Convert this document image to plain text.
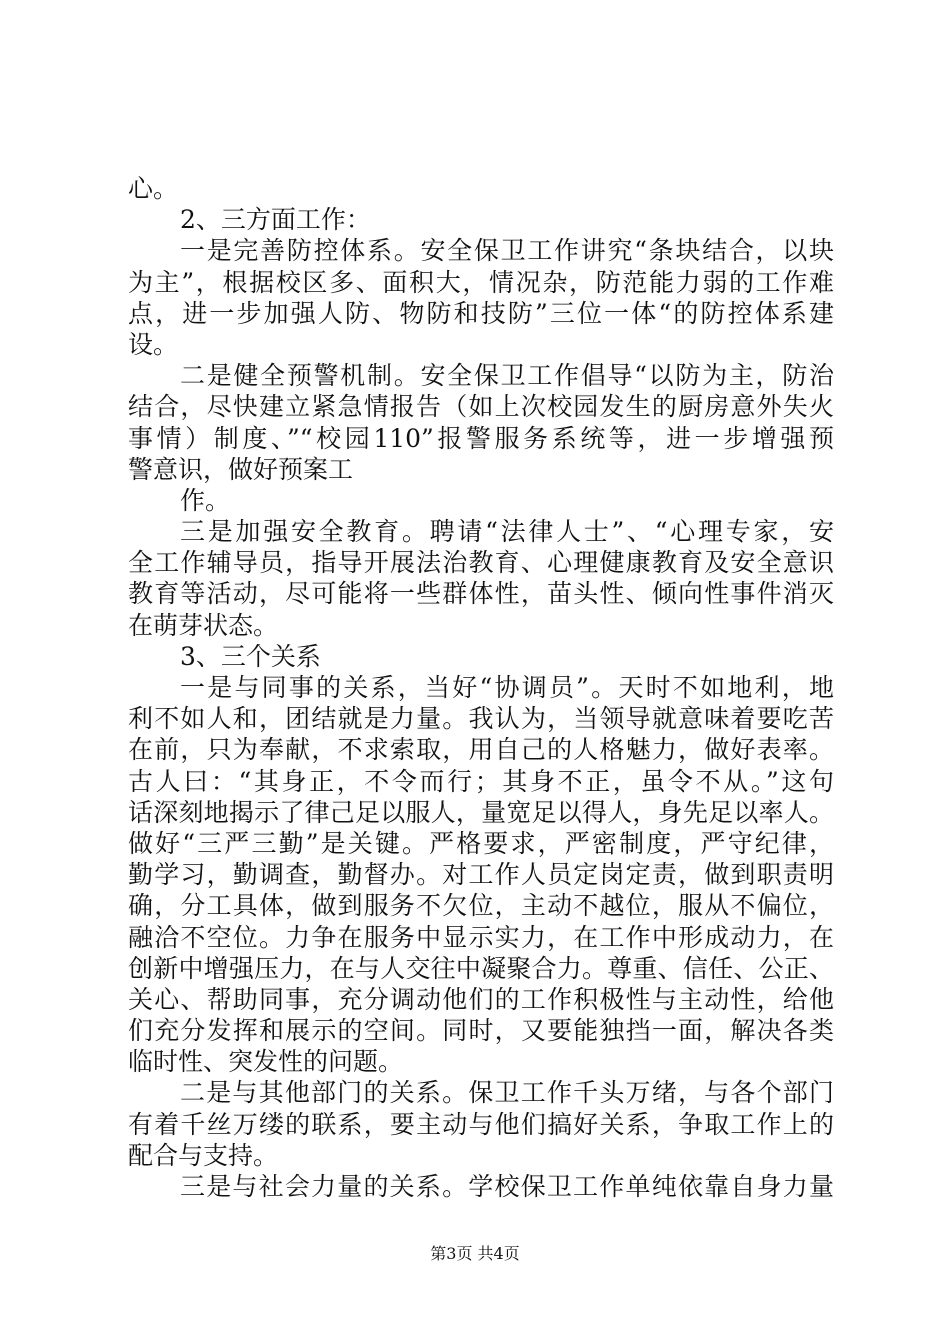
心。
2、三方面工作：
一是完善防控体系。安全保卫工作讲究“条块结合，以块
为主”，根据校区多、面积大，情况杂，防范能力弱的工作难
点，进一步加强人防、物防和技防”三位一体“的防控体系建
设。
二是健全预警机制。安全保卫工作倡导“以防为主，防治
结合，尽快建立紧急情报告（如上次校园发生的厨房意外失火
事情）制度、”“校园110”报警服务系统等，进一步增强预
警意识，做好预案工
作。
三是加强安全教育。聘请“法律人士”、“心理专家，安
全工作辅导员，指导开展法治教育、心理健康教育及安全意识
教育等活动，尽可能将一些群体性，苗头性、倾向性事件消灭
在萌芽状态。
3、三个关系
一是与同事的关系，当好“协调员”。天时不如地利，地
利不如人和，团结就是力量。我认为，当领导就意味着要吃苦
在前，只为奉献，不求索取，用自己的人格魅力，做好表率。
古人曰：“其身正，不令而行；其身不正，虽令不从。”这句
话深刻地揭示了律己足以服人，量宽足以得人，身先足以率人。
做好“三严三勤”是关键。严格要求，严密制度，严守纪律，
勤学习，勤调查，勤督办。对工作人员定岗定责，做到职责明
确，分工具体，做到服务不欠位，主动不越位，服从不偏位，
融洽不空位。力争在服务中显示实力，在工作中形成动力，在
创新中增强压力，在与人交往中凝聚合力。尊重、信任、公正、
关心、帮助同事，充分调动他们的工作积极性与主动性，给他
们充分发挥和展示的空间。同时，又要能独挡一面，解决各类
临时性、突发性的问题。
二是与其他部门的关系。保卫工作千头万绪，与各个部门
有着千丝万缕的联系，要主动与他们搞好关系，争取工作上的
配合与支持。
三是与社会力量的关系。学校保卫工作单纯依靠自身力量
第3页 共4页
